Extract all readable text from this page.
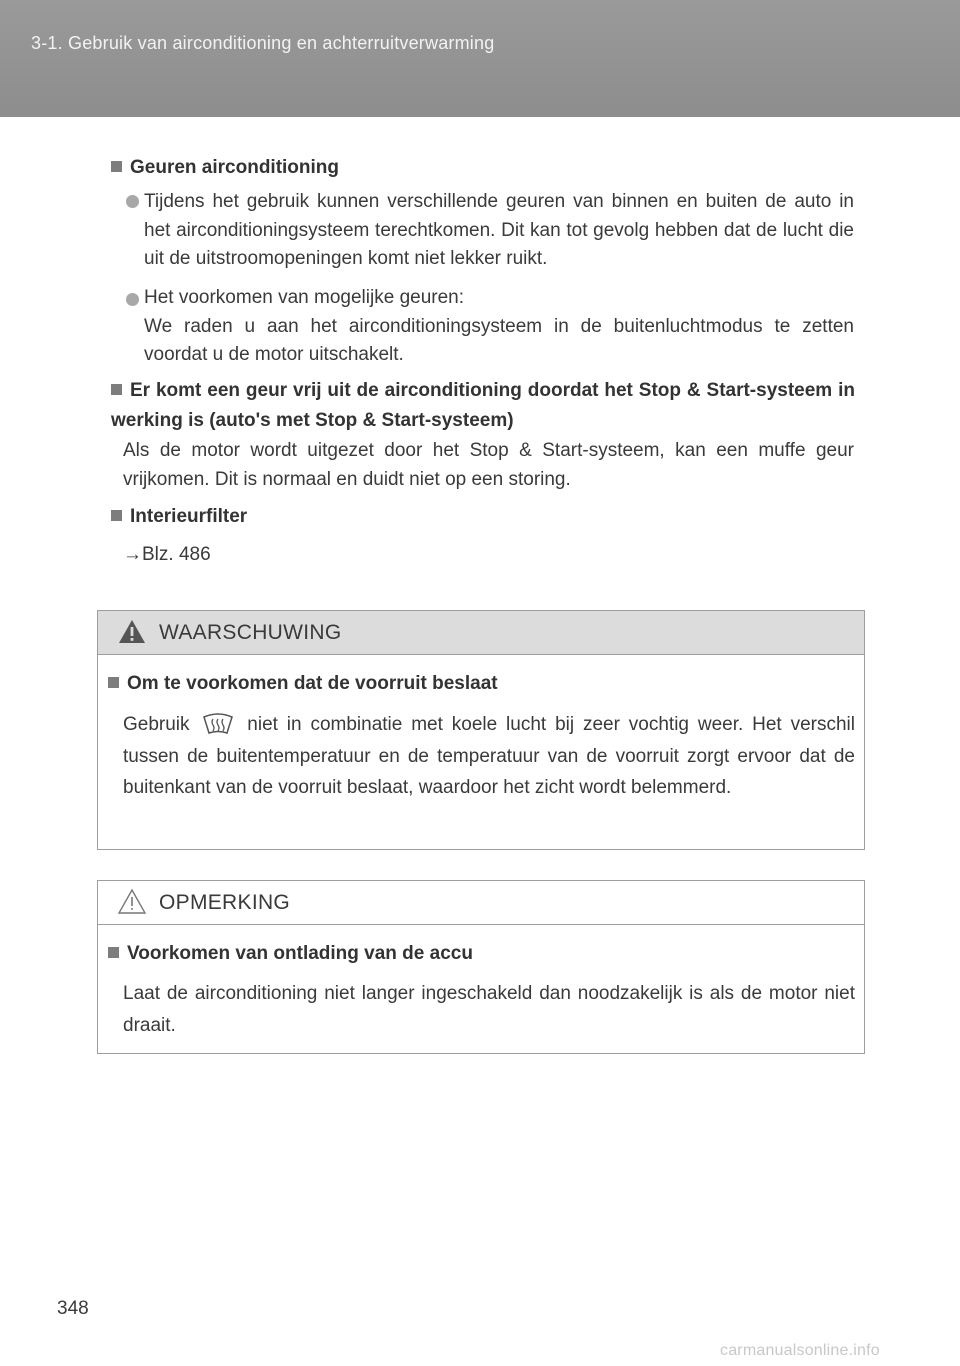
3-1. Gebruik van airconditioning en achterruitverwarming
Geuren airconditioning
Tijdens het gebruik kunnen verschillende geuren van binnen en buiten de auto in het airconditioningsysteem terechtkomen. Dit kan tot gevolg hebben dat de lucht die uit de uitstroomopeningen komt niet lekker ruikt.
Het voorkomen van mogelijke geuren:
We raden u aan het airconditioningsysteem in de buitenluchtmodus te zetten voordat u de motor uitschakelt.
Er komt een geur vrij uit de airconditioning doordat het Stop & Start-systeem in werking is (auto's met Stop & Start-systeem)
Als de motor wordt uitgezet door het Stop & Start-systeem, kan een muffe geur vrijkomen. Dit is normaal en duidt niet op een storing.
Interieurfilter
→Blz. 486
WAARSCHUWING
Om te voorkomen dat de voorruit beslaat
Gebruik	niet in combinatie met koele lucht bij zeer vochtig weer. Het verschil tussen de buitentemperatuur en de temperatuur van de voorruit zorgt ervoor dat de buitenkant van de voorruit beslaat, waardoor het zicht wordt belemmerd.
OPMERKING
Voorkomen van ontlading van de accu
Laat de airconditioning niet langer ingeschakeld dan noodzakelijk is als de motor niet draait.
348
carmanualsonline.info
